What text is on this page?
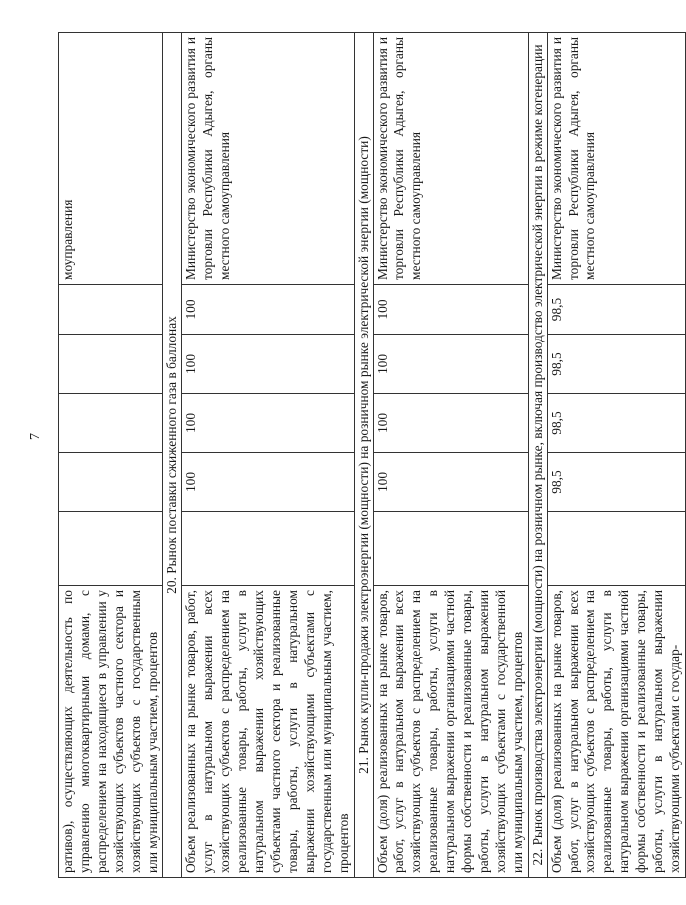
7
ративов), осуществляющих деятельность по управлению многоквартирными домами, с распределением на находящиеся в управлении у хозяйствующих субъектов частного сектора и хозяйствующих субъектов с государственным или муниципальным участием, процентов						моуправления
20. Рынок поставки сжиженного газа в баллонах						
Объем реализованных на рынке товаров, работ, услуг в натуральном выражении всех хозяйствующих субъектов с распределением на реализованные товары, работы, услуги в натуральном выражении хозяйствующих субъектами частного сектора и реализованные товары, работы, услуги в натуральном выражении хозяйствующими субъектами с государственным или муниципальным участием, процентов		100	100	100	100	Министерство экономического развития и торговли Республики Адыгея, органы местного самоуправления
21. Рынок купли-продажи электроэнергии (мощности) на розничном рынке электрической энергии (мощности)						
Объем (доля) реализованных на рынке товаров, работ, услуг в натуральном выражении всех хозяйствующих субъектов с распределением на реализованные товары, работы, услуги в натуральном выражении организациями частной формы собственности и реализованные товары, работы, услуги в натуральном выражении хозяйствующих субъектами с государственной или муниципальным участием, процентов		100	100	100	100	Министерство экономического развития и торговли Республики Адыгея, органы местного самоуправления
22. Рынок производства электроэнергии (мощности) на розничном рынке, включая производство электрической энергии в режиме когенерации						
Объем (доля) реализованных на рынке товаров, работ, услуг в натуральном выражении всех хозяйствующих субъектов с распределением на реализованные товары, работы, услуги в натуральном выражении организациями частной формы собственности и реализованные товары, работы, услуги в натуральном выражении хозяйствующими субъектами с государ-		98,5	98,5	98,5	98,5	Министерство экономического развития и торговли Республики Адыгея, органы местного самоуправления
